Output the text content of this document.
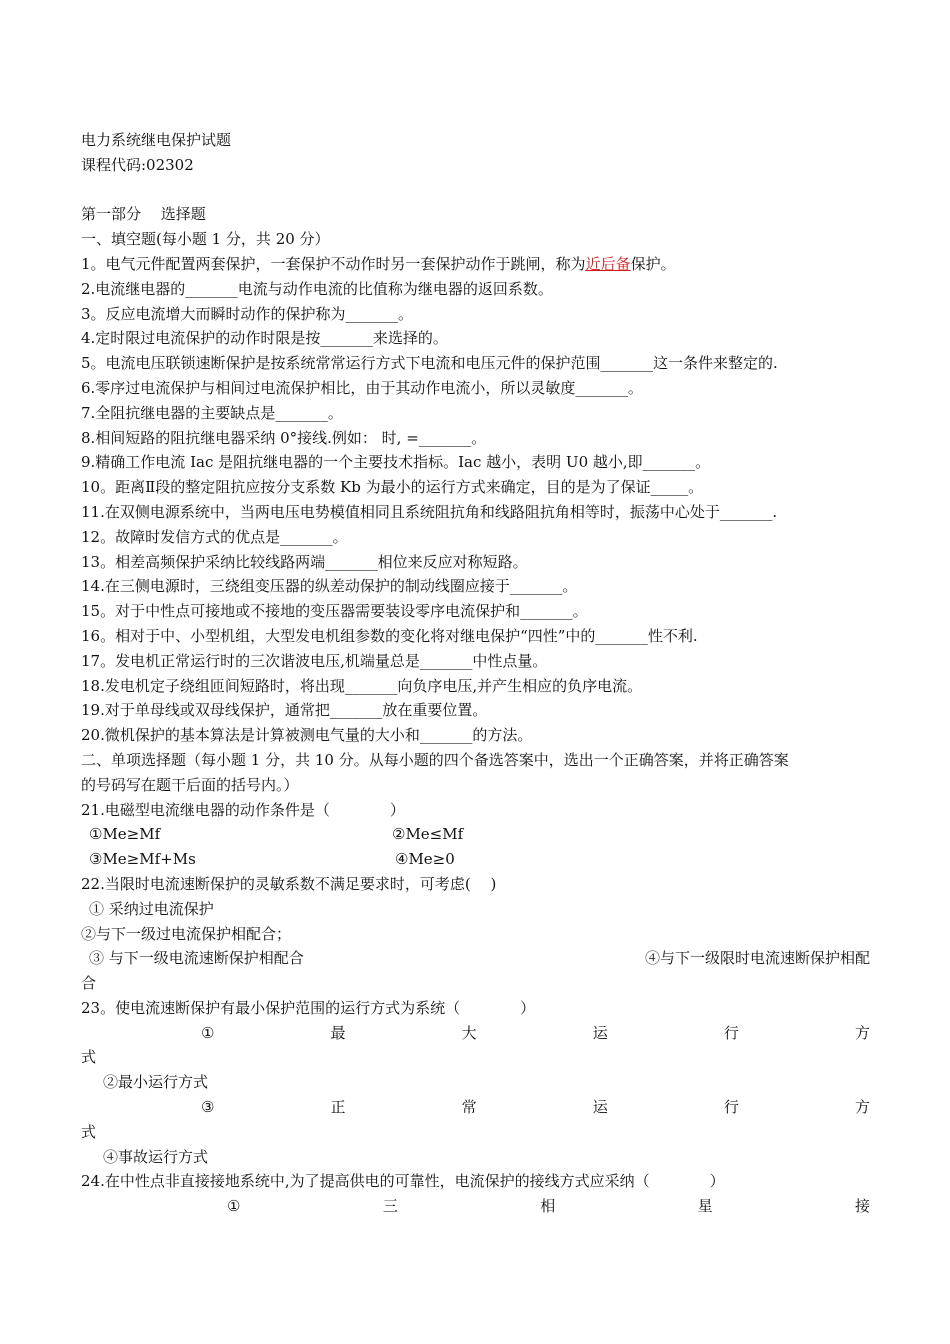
电力系统继电保护试题
课程代码:02302
第一部分　 选择题
一、填空题(每小题 1 分，共 20 分）
1。电气元件配置两套保护，一套保护不动作时另一套保护动作于跳闸，称为近后备保护。
2.电流继电器的_______电流与动作电流的比值称为继电器的返回系数。
3。反应电流增大而瞬时动作的保护称为_______。
4.定时限过电流保护的动作时限是按_______来选择的。
5。电流电压联锁速断保护是按系统常常运行方式下电流和电压元件的保护范围_______这一条件来整定的.
6.零序过电流保护与相间过电流保护相比，由于其动作电流小，所以灵敏度_______。
7.全阻抗继电器的主要缺点是_______。
8.相间短路的阻抗继电器采纳 0°接线.例如： 时, =_______。
9.精确工作电流 Iac 是阻抗继电器的一个主要技术指标。Iac 越小，表明 U0 越小,即_______。
10。距离Ⅱ段的整定阻抗应按分支系数 Kb 为最小的运行方式来确定，目的是为了保证_____。
11.在双侧电源系统中，当两电压电势模值相同且系统阻抗角和线路阻抗角相等时，振荡中心处于_______.
12。故障时发信方式的优点是_______。
13。相差高频保护采纳比较线路两端_______相位来反应对称短路。
14.在三侧电源时，三绕组变压器的纵差动保护的制动线圈应接于_______。
15。对于中性点可接地或不接地的变压器需要装设零序电流保护和_______。
16。相对于中、小型机组，大型发电机组参数的变化将对继电保护“四性”中的_______性不利.
17。发电机正常运行时的三次谐波电压,机端量总是_______中性点量。
18.发电机定子绕组匝间短路时，将出现_______向负序电压,并产生相应的负序电流。
19.对于单母线或双母线保护，通常把_______放在重要位置。
20.微机保护的基本算法是计算被测电气量的大小和_______的方法。
二、单项选择题（每小题 1 分，共 10 分。从每小题的四个备选答案中，选出一个正确答案，并将正确答案
的号码写在题干后面的括号内。）
21.电磁型电流继电器的动作条件是（　　　　）
①Me≥Mf	②Me≤Mf
③Me≥Mf+Ms	④Me≥0
22.当限时电流速断保护的灵敏系数不满足要求时，可考虑(　 )
① 采纳过电流保护
②与下一级过电流保护相配合；
③ 与下一级电流速断保护相配合	④与下一级限时电流速断保护相配
合
23。使电流速断保护有最小保护范围的运行方式为系统（　　　　）
①	最	大	运	行	方
式
②最小运行方式
③	正	常	运	行	方
式
④事故运行方式
24.在中性点非直接接地系统中,为了提高供电的可靠性，电流保护的接线方式应采纳（　　　　）
①	三	相	星	接
